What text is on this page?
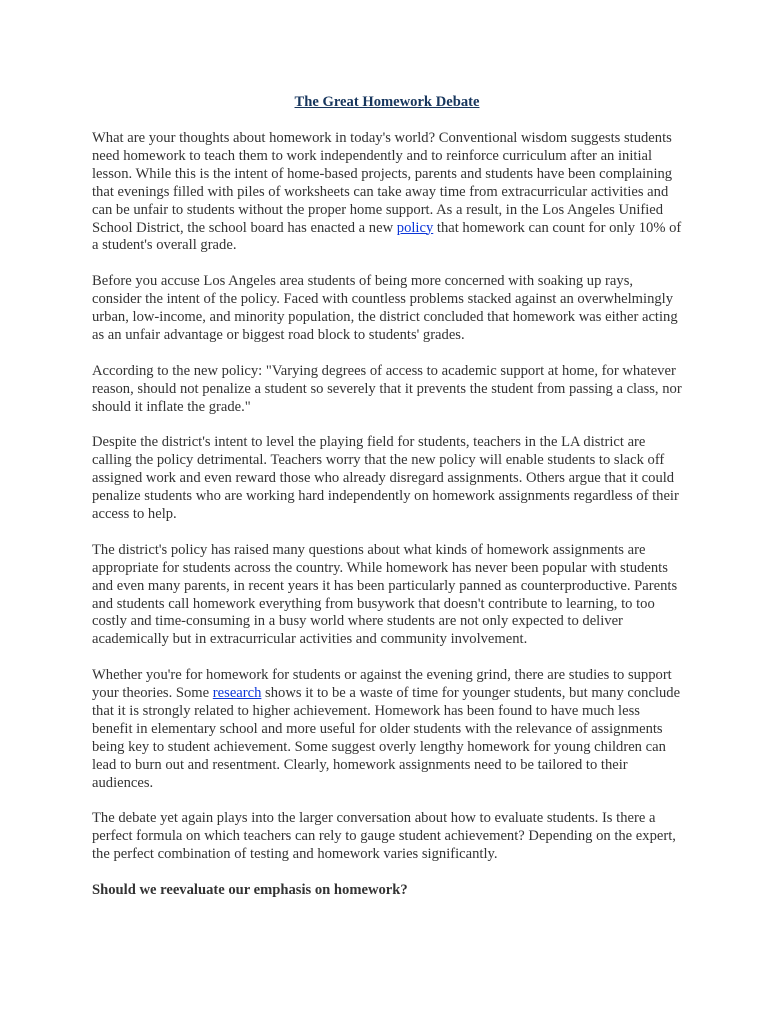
The Great Homework Debate

What are your thoughts about homework in today's world? Conventional wisdom suggests students need homework to teach them to work independently and to reinforce curriculum after an initial lesson. While this is the intent of home-based projects, parents and students have been complaining that evenings filled with piles of worksheets can take away time from extracurricular activities and can be unfair to students without the proper home support. As a result, in the Los Angeles Unified School District, the school board has enacted a new policy that homework can count for only 10% of a student's overall grade.

Before you accuse Los Angeles area students of being more concerned with soaking up rays, consider the intent of the policy. Faced with countless problems stacked against an overwhelmingly urban, low-income, and minority population, the district concluded that homework was either acting as an unfair advantage or biggest road block to students' grades.

According to the new policy: "Varying degrees of access to academic support at home, for whatever reason, should not penalize a student so severely that it prevents the student from passing a class, nor should it inflate the grade."

Despite the district's intent to level the playing field for students, teachers in the LA district are calling the policy detrimental. Teachers worry that the new policy will enable students to slack off assigned work and even reward those who already disregard assignments. Others argue that it could penalize students who are working hard independently on homework assignments regardless of their access to help.

The district's policy has raised many questions about what kinds of homework assignments are appropriate for students across the country. While homework has never been popular with students and even many parents, in recent years it has been particularly panned as counterproductive. Parents and students call homework everything from busywork that doesn't contribute to learning, to too costly and time-consuming in a busy world where students are not only expected to deliver academically but in extracurricular activities and community involvement.

Whether you're for homework for students or against the evening grind, there are studies to support your theories. Some research shows it to be a waste of time for younger students, but many conclude that it is strongly related to higher achievement. Homework has been found to have much less benefit in elementary school and more useful for older students with the relevance of assignments being key to student achievement. Some suggest overly lengthy homework for young children can lead to burn out and resentment. Clearly, homework assignments need to be tailored to their audiences.

The debate yet again plays into the larger conversation about how to evaluate students. Is there a perfect formula on which teachers can rely to gauge student achievement? Depending on the expert, the perfect combination of testing and homework varies significantly.

Should we reevaluate our emphasis on homework?
